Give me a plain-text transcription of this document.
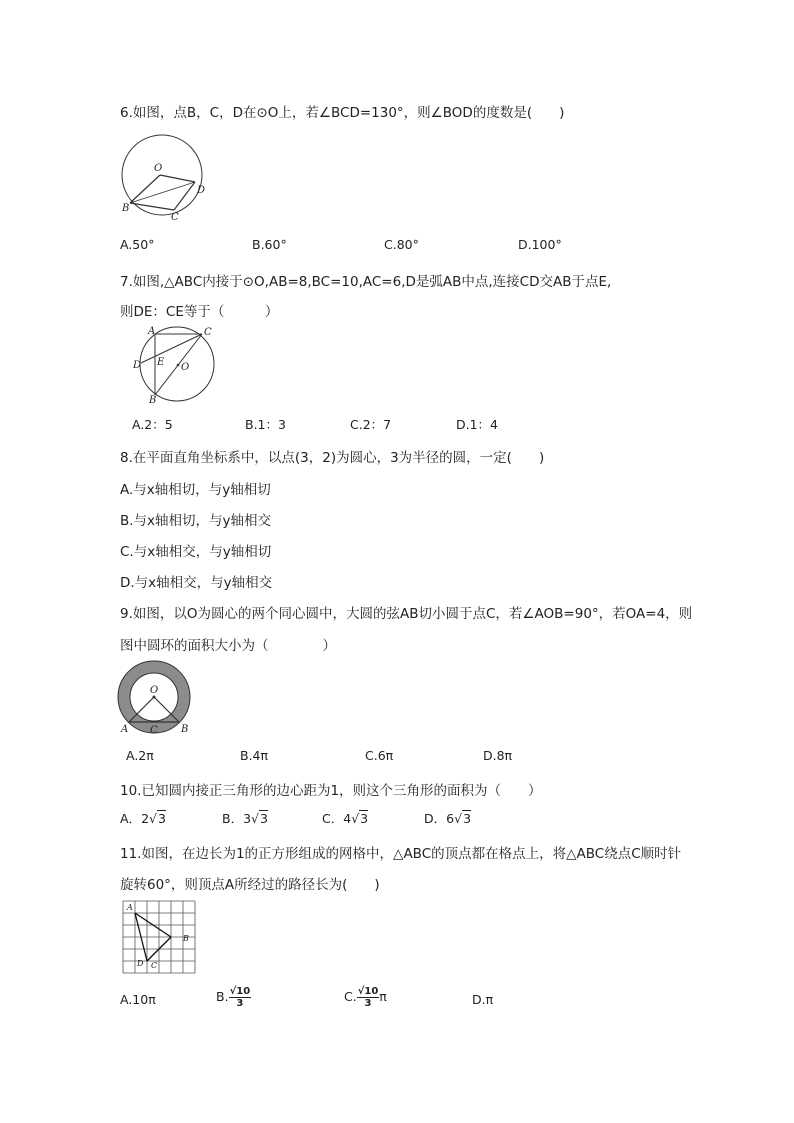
6.如图，点B，C，D在⊙O上，若∠BCD=130°，则∠BOD的度数是(　　)
O
B
C
D
A.50°	B.60°	C.80°	D.100°
7.如图,△ABC内接于⊙O,AB=8,BC=10,AC=6,D是弧AB中点,连接CD交AB于点E,
则DE：CE等于（　　　）
A	C
D E O
B
A.2：5	B.1：3	C.2：7	D.1：4
8.在平面直角坐标系中，以点(3，2)为圆心，3为半径的圆，一定(　　)
A.与x轴相切，与y轴相切
B.与x轴相切，与y轴相交
C.与x轴相交，与y轴相切
D.与x轴相交，与y轴相交
9.如图，以O为圆心的两个同心圆中，大圆的弦AB切小圆于点C，若∠AOB=90°，若OA=4，则
图中圆环的面积大小为（　　　　）
O
A C B
A.2π	B.4π	C.6π	D.8π
10.已知圆内接正三角形的边心距为1，则这个三角形的面积为（　　）
A．2√3	B．3√3	C．4√3	D．6√3
11.如图，在边长为1的正方形组成的网格中，△ABC的顶点都在格点上，将△ABC绕点C顺时针
旋转60°，则顶点A所经过的路径长为(　　)
A
B
C
D
A.10π	B. $\frac{√10}{3}$	C. $\frac{√10}{3}$ π	D.π
